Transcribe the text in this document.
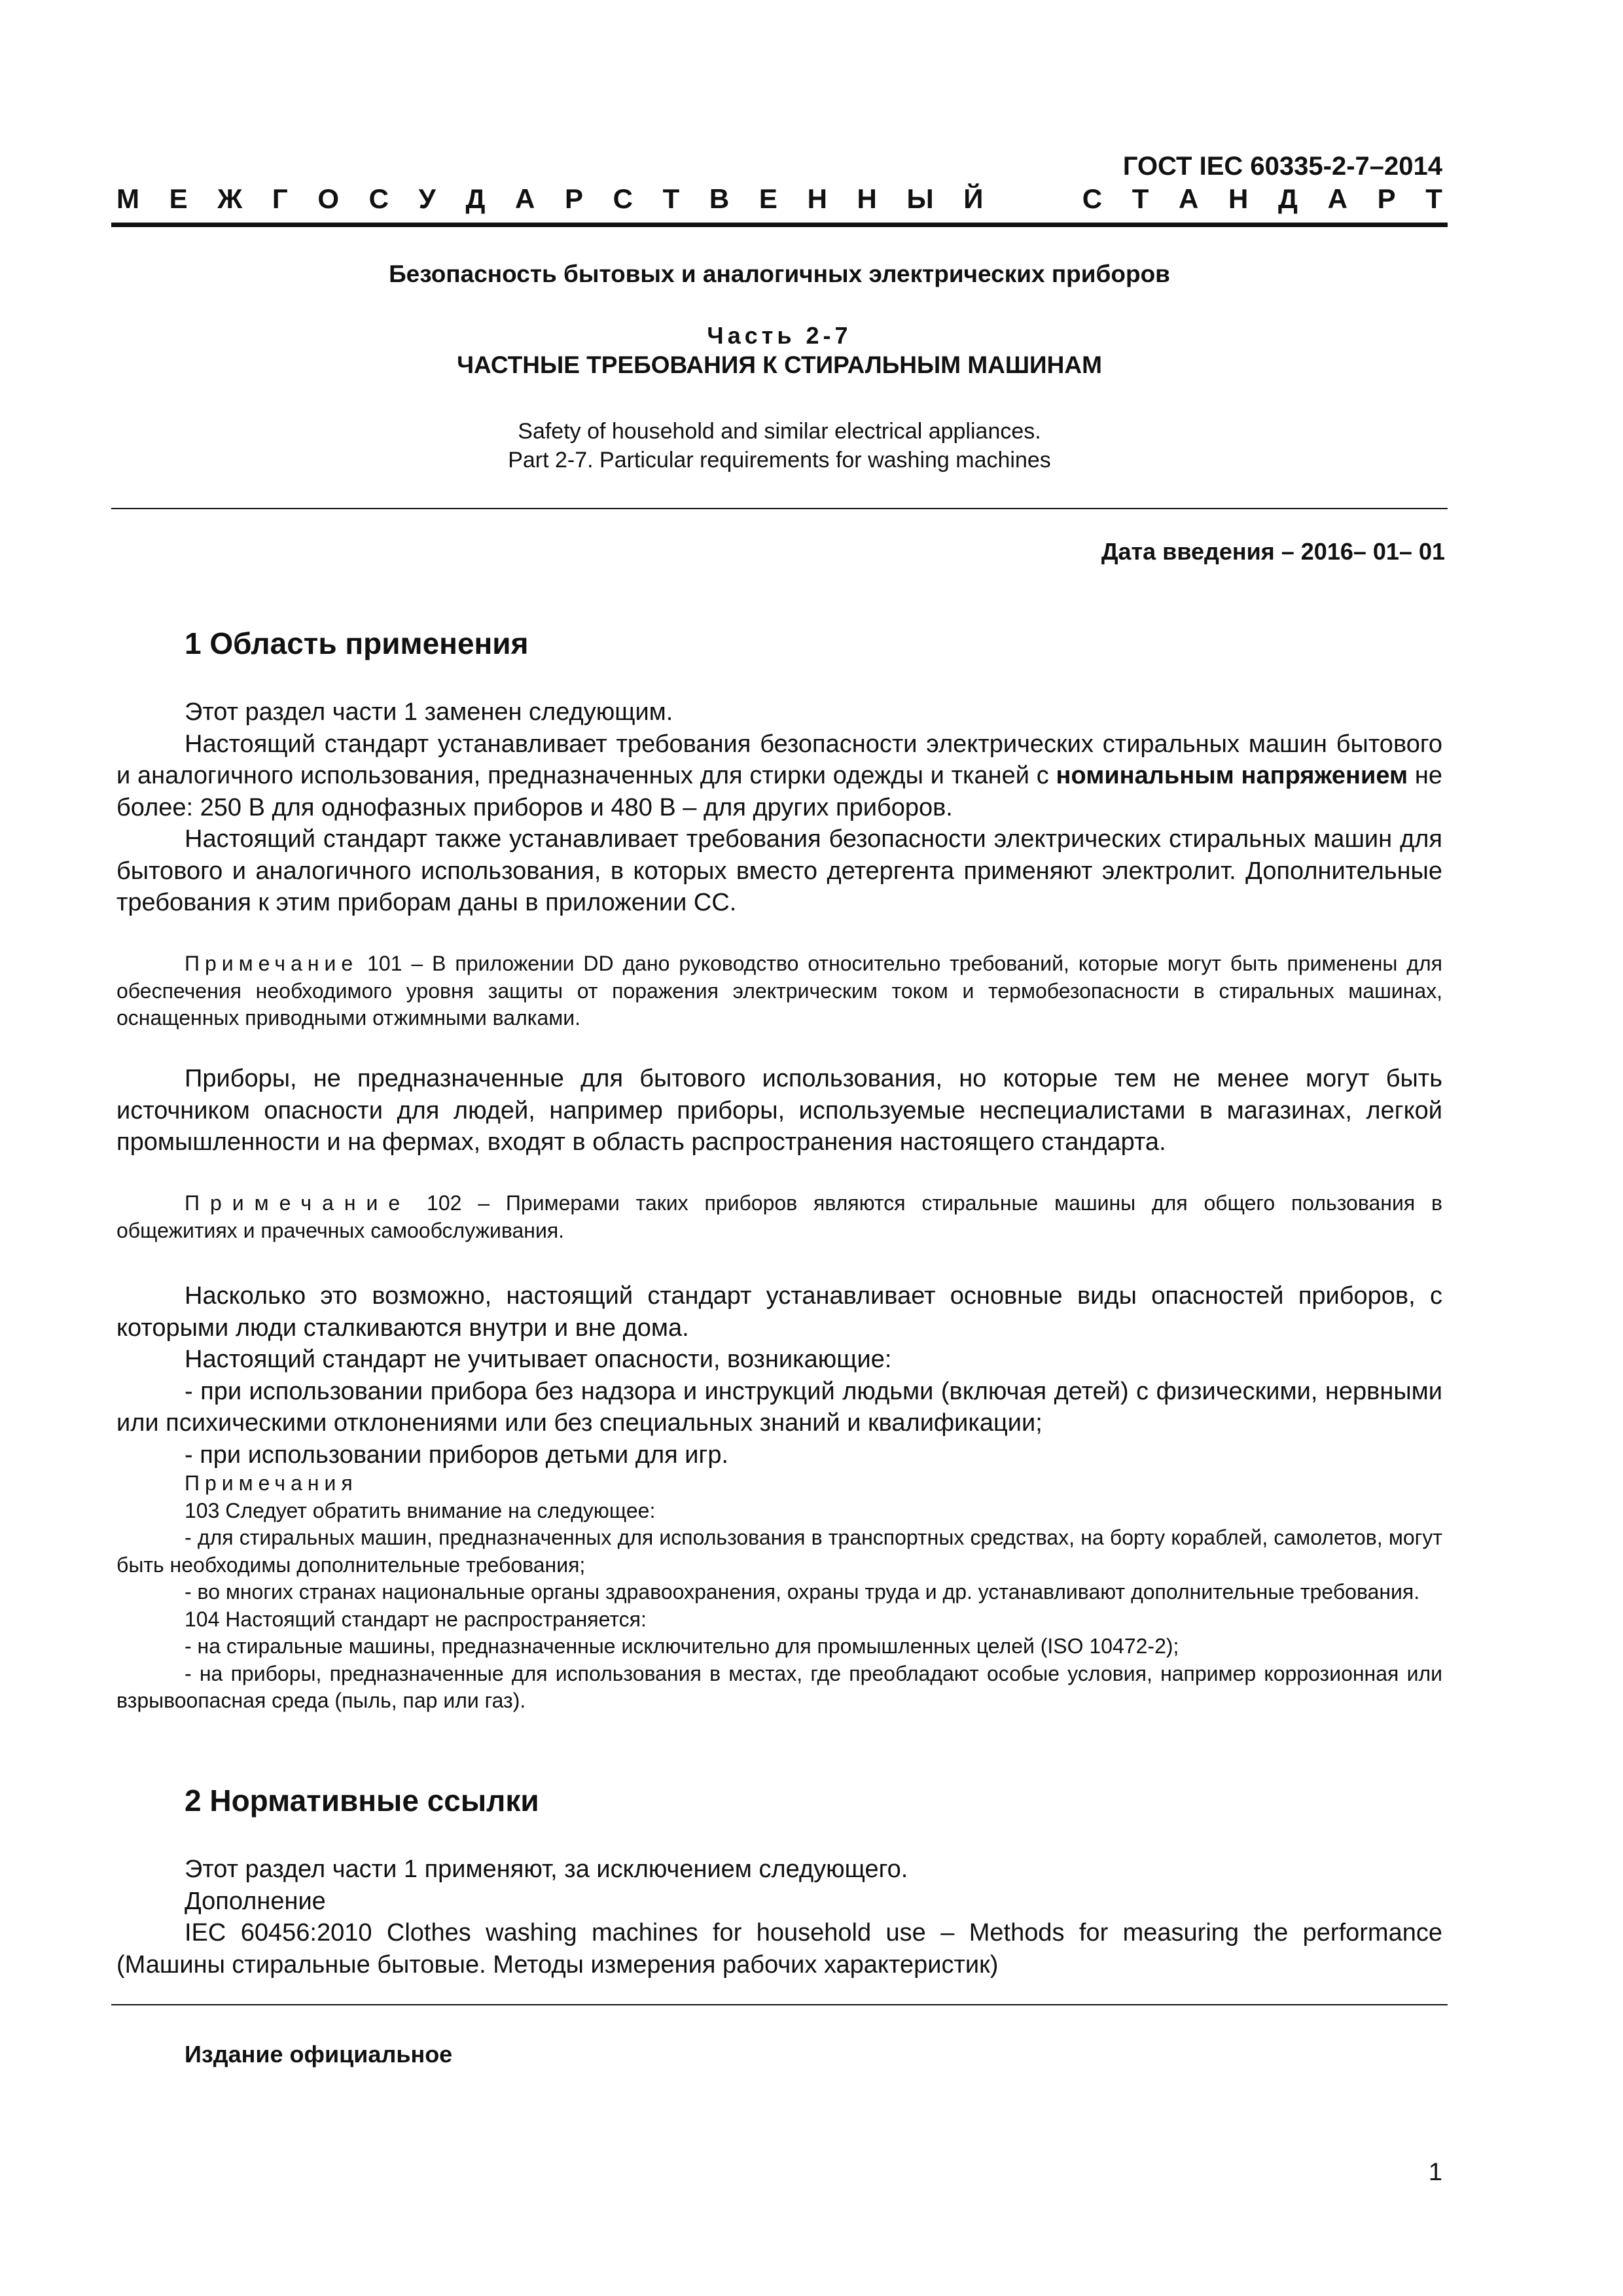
ГОСТ IEC 60335-2-7–2014
М Е Ж Г О С У Д А Р С Т В Е Н Н Ы Й	С Т А Н Д А Р Т
Безопасность бытовых и аналогичных электрических приборов
Часть 2-7
ЧАСТНЫЕ ТРЕБОВАНИЯ К СТИРАЛЬНЫМ МАШИНАМ
Safety of household and similar electrical appliances.
Part 2-7. Particular requirements for washing machines
Дата введения – 2016– 01– 01
1 Область применения

Этот раздел части 1 заменен следующим.

Настоящий стандарт устанавливает требования безопасности электрических стиральных машин бытового и аналогичного использования, предназначенных для стирки одежды и тканей с номинальным напряжением не более: 250 В для однофазных приборов и 480 В – для других приборов.

Настоящий стандарт также устанавливает требования безопасности электрических стиральных машин для бытового и аналогичного использования, в которых вместо детергента применяют электролит. Дополнительные требования к этим приборам даны в приложении СС.

Примечание 101 – В приложении DD дано руководство относительно требований, которые могут быть применены для обеспечения необходимого уровня защиты от поражения электрическим током и термобезопасности в стиральных машинах, оснащенных приводными отжимными валками.

Приборы, не предназначенные для бытового использования, но которые тем не менее могут быть источником опасности для людей, например приборы, используемые неспециалистами в магазинах, легкой промышленности и на фермах, входят в область распространения настоящего стандарта.

Примечание 102 – Примерами таких приборов являются стиральные машины для общего пользования в общежитиях и прачечных самообслуживания.

Насколько это возможно, настоящий стандарт устанавливает основные виды опасностей приборов, с которыми люди сталкиваются внутри и вне дома.

Настоящий стандарт не учитывает опасности, возникающие:

- при использовании прибора без надзора и инструкций людьми (включая детей) с физическими, нервными или психическими отклонениями или без специальных знаний и квалификации;

- при использовании приборов детьми для игр.

Примечания

103 Следует обратить внимание на следующее:

- для стиральных машин, предназначенных для использования в транспортных средствах, на борту кораблей, самолетов, могут быть необходимы дополнительные требования;

- во многих странах национальные органы здравоохранения, охраны труда и др. устанавливают дополнительные требования.

104 Настоящий стандарт не распространяется:

- на стиральные машины, предназначенные исключительно для промышленных целей (ISO 10472-2);

- на приборы, предназначенные для использования в местах, где преобладают особые условия, например коррозионная или взрывоопасная среда (пыль, пар или газ).

2 Нормативные ссылки

Этот раздел части 1 применяют, за исключением следующего.

Дополнение

IEC 60456:2010 Clothes washing machines for household use – Methods for measuring the performance (Машины стиральные бытовые. Методы измерения рабочих характеристик)

Издание официальное
1
